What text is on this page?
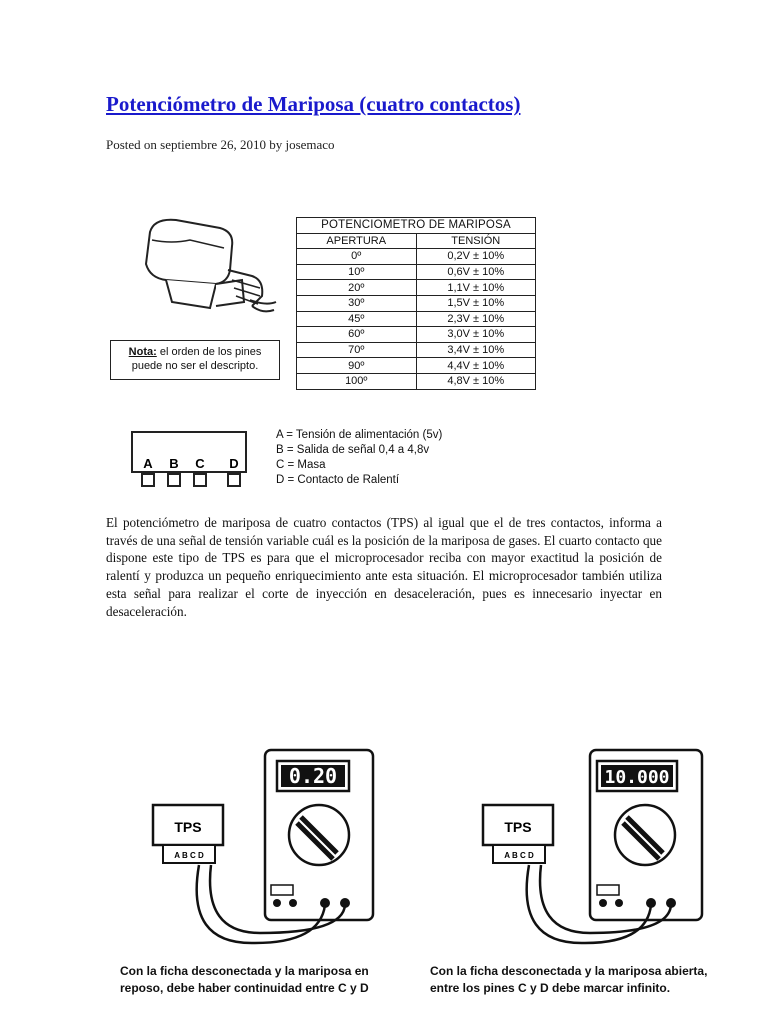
Potenciómetro de Mariposa (cuatro contactos)
Posted on septiembre 26, 2010 by josemaco
Nota: el orden de los pines
puede no ser el descripto.
POTENCIOMETRO DE MARIPOSA	
APERTURA	TENSIÓN
0º	0,2V ± 10%
10º	0,6V ± 10%
20º	1,1V ± 10%
30º	1,5V ± 10%
45º	2,3V ± 10%
60º	3,0V ± 10%
70º	3,4V ± 10%
90º	4,4V ± 10%
100º	4,8V ± 10%
A B C D
A = Tensión de alimentación (5v)
B = Salida de señal 0,4 a 4,8v
C = Masa
D = Contacto de Ralentí
El potenciómetro de mariposa de cuatro contactos (TPS) al igual que el de tres contactos, informa a través de una señal de tensión variable cuál es la posición de la mariposa de gases. El cuarto contacto que dispone este tipo de TPS es para que el microprocesador reciba con mayor exactitud la posición de ralentí y produzca un pequeño enriquecimiento ante esta situación. El microprocesador también utiliza esta señal para realizar el corte de inyección en desaceleración, pues es innecesario inyectar en desaceleración.
0.20
TPS
A B C D
Con la ficha desconectada y la mariposa en
reposo, debe haber continuidad entre C y D
10.000
TPS
A B C D
Con la ficha desconectada y la mariposa abierta,
entre los pines C y D debe marcar infinito.
